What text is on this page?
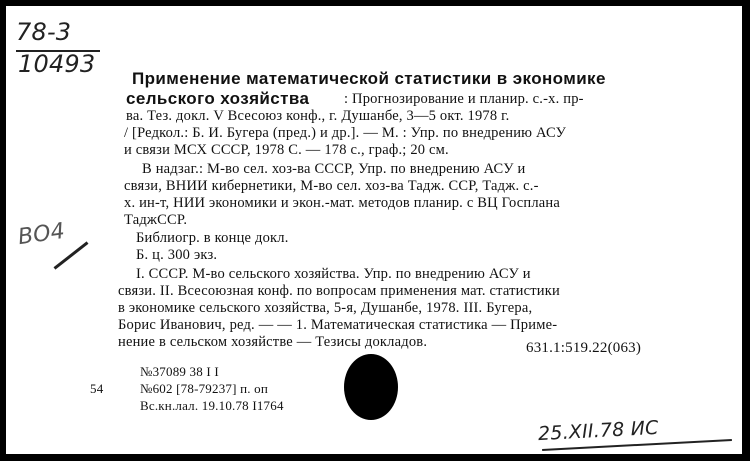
78-3
10493
Применение математической статистики в экономике
сельского хозяйства : Прогнозирование и планир. с.-х. пр-
ва. Тез. докл. V Всесоюз конф., г. Душанбе, 3—5 окт. 1978 г.
/ [Редкол.: Б. И. Бугера (пред.) и др.]. — М. : Упр. по внедрению АСУ
и связи МСХ СССР, 1978 С. — 178 с., граф.; 20 см.
В надзаг.: М-во сел. хоз-ва СССР, Упр. по внедрению АСУ и
связи, ВНИИ кибернетики, М-во сел. хоз-ва Тадж. ССР, Тадж. с.-
х. ин-т, НИИ экономики и экон.-мат. методов планир. с ВЦ Госплана
ТаджССР.
ВО4	Библиогр. в конце докл.
Б. ц. 300 экз.
I. СССР. М-во сельского хозяйства. Упр. по внедрению АСУ и
связи. II. Всесоюзная конф. по вопросам применения мат. статистики
в экономике сельского хозяйства, 5-я, Душанбе, 1978. III. Бугера,
Борис Иванович, ред. — — 1. Математическая статистика — Приме-
нение в сельском хозяйстве — Тезисы докладов.	631.1:519.22(063)
№37089 38 I I
54	№602 [78-79237] п. оп
Вс.кн.лал. 19.10.78 I1764
25.XII.78 ИС
